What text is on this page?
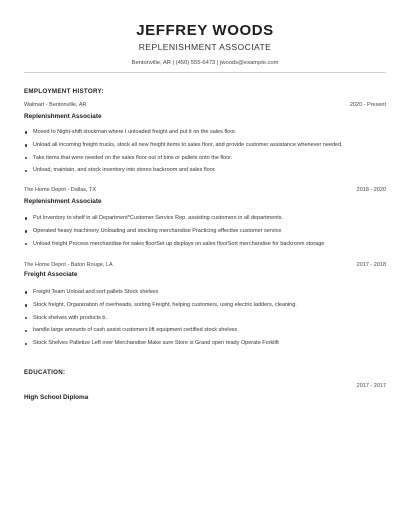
JEFFREY WOODS
REPLENISHMENT ASSOCIATE
Bentonville, AR | (450) 555-6473 | jwoods@example.com
EMPLOYMENT HISTORY:
Walmart - Bentonville, AR	2020 - Present
Replenishment Associate
Moved to Night-shift stockman where I unloaded freight and put it on the sales floor.
Unload all incoming freight trucks, stock all new freight items to sales floor, and provide customer assistance whenever needed.
Take items that were needed on the sales floor out of bins or pallets onto the floor.
Unload, maintain, and stock inventory into stores backroom and sales floor.
The Home Depot - Dallas, TX	2018 - 2020
Replenishment Associate
Put Inventory to shelf in all Department*Customer Service Rep. assisting customers in all departments.
Operated heavy machinery Unloading and stocking merchandise Practicing effective customer service
Unload freight Process merchandise for sales floorSet up displays on sales floorSort merchandise for backroom storage
The Home Depot - Baton Rouge, LA	2017 - 2018
Freight Associate
Freight Team Unload and sort pallets Stock shelves
Stock freight, Organization of overheads, sorting Freight, helping customers, using electric ladders, cleaning.
Stock shelves with products b.
handle large amounts of cash assist customers lift equipment certified stock shelves
Stock Shelves Palletize Left over Merchandise Make sure Store is Grand open ready Operate Forklift
EDUCATION:
High School Diploma
2017 - 2017
